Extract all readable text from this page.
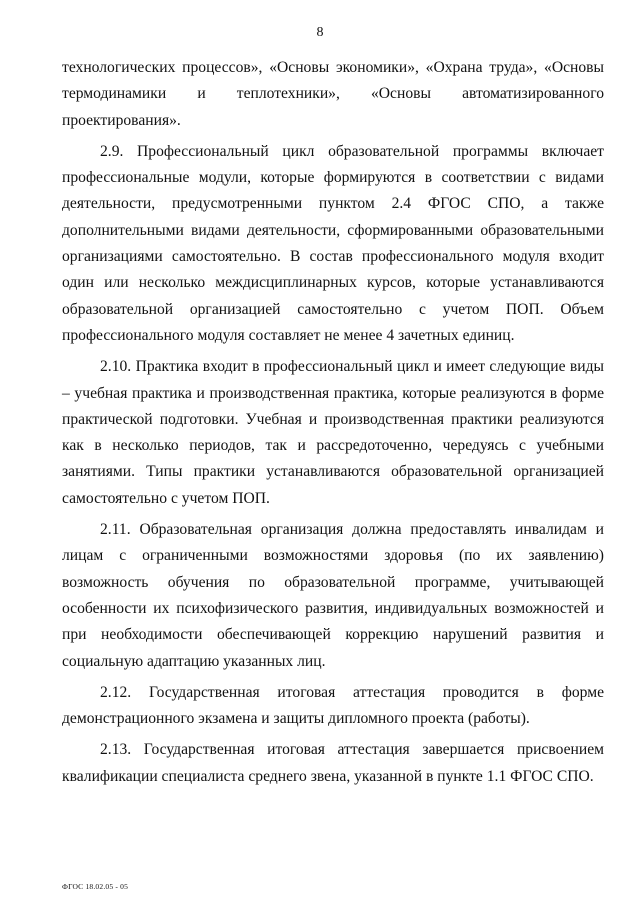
8

технологических процессов», «Основы экономики», «Охрана труда», «Основы термодинамики и теплотехники», «Основы автоматизированного проектирования».

2.9. Профессиональный цикл образовательной программы включает профессиональные модули, которые формируются в соответствии с видами деятельности, предусмотренными пунктом 2.4 ФГОС СПО, а также дополнительными видами деятельности, сформированными образовательными организациями самостоятельно. В состав профессионального модуля входит один или несколько междисциплинарных курсов, которые устанавливаются образовательной организацией самостоятельно с учетом ПОП. Объем профессионального модуля составляет не менее 4 зачетных единиц.

2.10. Практика входит в профессиональный цикл и имеет следующие виды – учебная практика и производственная практика, которые реализуются в форме практической подготовки. Учебная и производственная практики реализуются как в несколько периодов, так и рассредоточенно, чередуясь с учебными занятиями. Типы практики устанавливаются образовательной организацией самостоятельно с учетом ПОП.

2.11. Образовательная организация должна предоставлять инвалидам и лицам с ограниченными возможностями здоровья (по их заявлению) возможность обучения по образовательной программе, учитывающей особенности их психофизического развития, индивидуальных возможностей и при необходимости обеспечивающей коррекцию нарушений развития и социальную адаптацию указанных лиц.

2.12. Государственная итоговая аттестация проводится в форме демонстрационного экзамена и защиты дипломного проекта (работы).

2.13. Государственная итоговая аттестация завершается присвоением квалификации специалиста среднего звена, указанной в пункте 1.1 ФГОС СПО.

ФГОС 18.02.05 - 05
